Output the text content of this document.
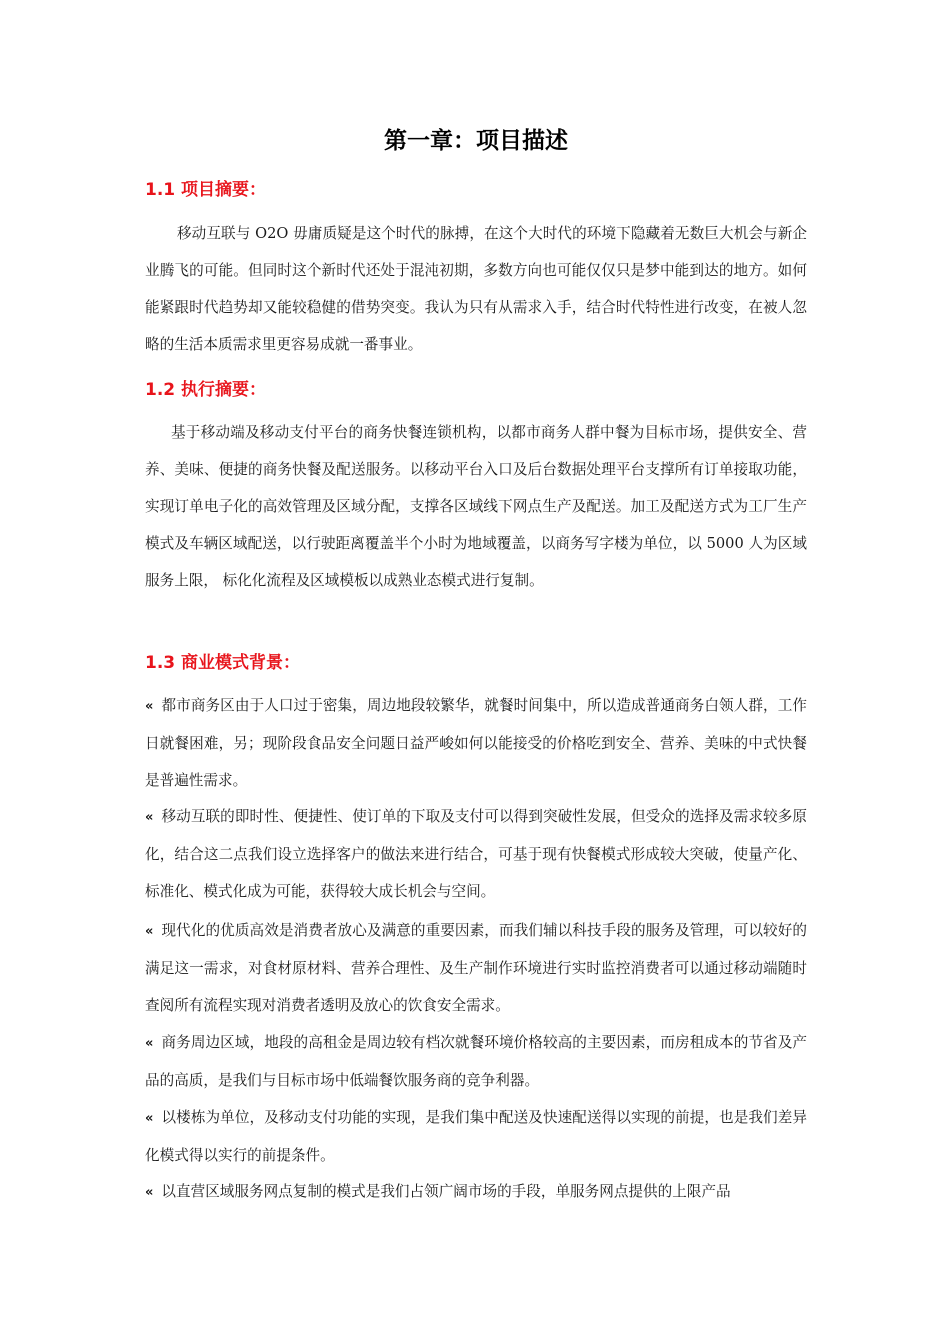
第一章：项目描述
1.1 项目摘要：

移动互联与 O2O 毋庸质疑是这个时代的脉搏，在这个大时代的环境下隐藏着无数巨大机会与新企业腾飞的可能。但同时这个新时代还处于混沌初期，多数方向也可能仅仅只是梦中能到达的地方。如何能紧跟时代趋势却又能较稳健的借势突变。我认为只有从需求入手，结合时代特性进行改变，在被人忽略的生活本质需求里更容易成就一番事业。

1.2 执行摘要：

基于移动端及移动支付平台的商务快餐连锁机构，以都市商务人群中餐为目标市场，提供安全、营养、美味、便捷的商务快餐及配送服务。以移动平台入口及后台数据处理平台支撑所有订单接取功能，实现订单电子化的高效管理及区域分配，支撑各区域线下网点生产及配送。加工及配送方式为工厂生产模式及车辆区域配送，以行驶距离覆盖半个小时为地域覆盖，以商务写字楼为单位，以 5000 人为区域服务上限， 标化化流程及区域模板以成熟业态模式进行复制。

1.3 商业模式背景：

« 都市商务区由于人口过于密集，周边地段较繁华，就餐时间集中，所以造成普通商务白领人群，工作日就餐困难，另；现阶段食品安全问题日益严峻如何以能接受的价格吃到安全、营养、美味的中式快餐是普遍性需求。

« 移动互联的即时性、便捷性、使订单的下取及支付可以得到突破性发展，但受众的选择及需求较多原化，结合这二点我们设立选择客户的做法来进行结合，可基于现有快餐模式形成较大突破，使量产化、标准化、模式化成为可能，获得较大成长机会与空间。

« 现代化的优质高效是消费者放心及满意的重要因素，而我们辅以科技手段的服务及管理，可以较好的满足这一需求，对食材原材料、营养合理性、及生产制作环境进行实时监控消费者可以通过移动端随时查阅所有流程实现对消费者透明及放心的饮食安全需求。

« 商务周边区域，地段的高租金是周边较有档次就餐环境价格较高的主要因素，而房租成本的节省及产品的高质，是我们与目标市场中低端餐饮服务商的竞争利器。

« 以楼栋为单位，及移动支付功能的实现，是我们集中配送及快速配送得以实现的前提，也是我们差异化模式得以实行的前提条件。

« 以直营区域服务网点复制的模式是我们占领广阔市场的手段，单服务网点提供的上限产品
